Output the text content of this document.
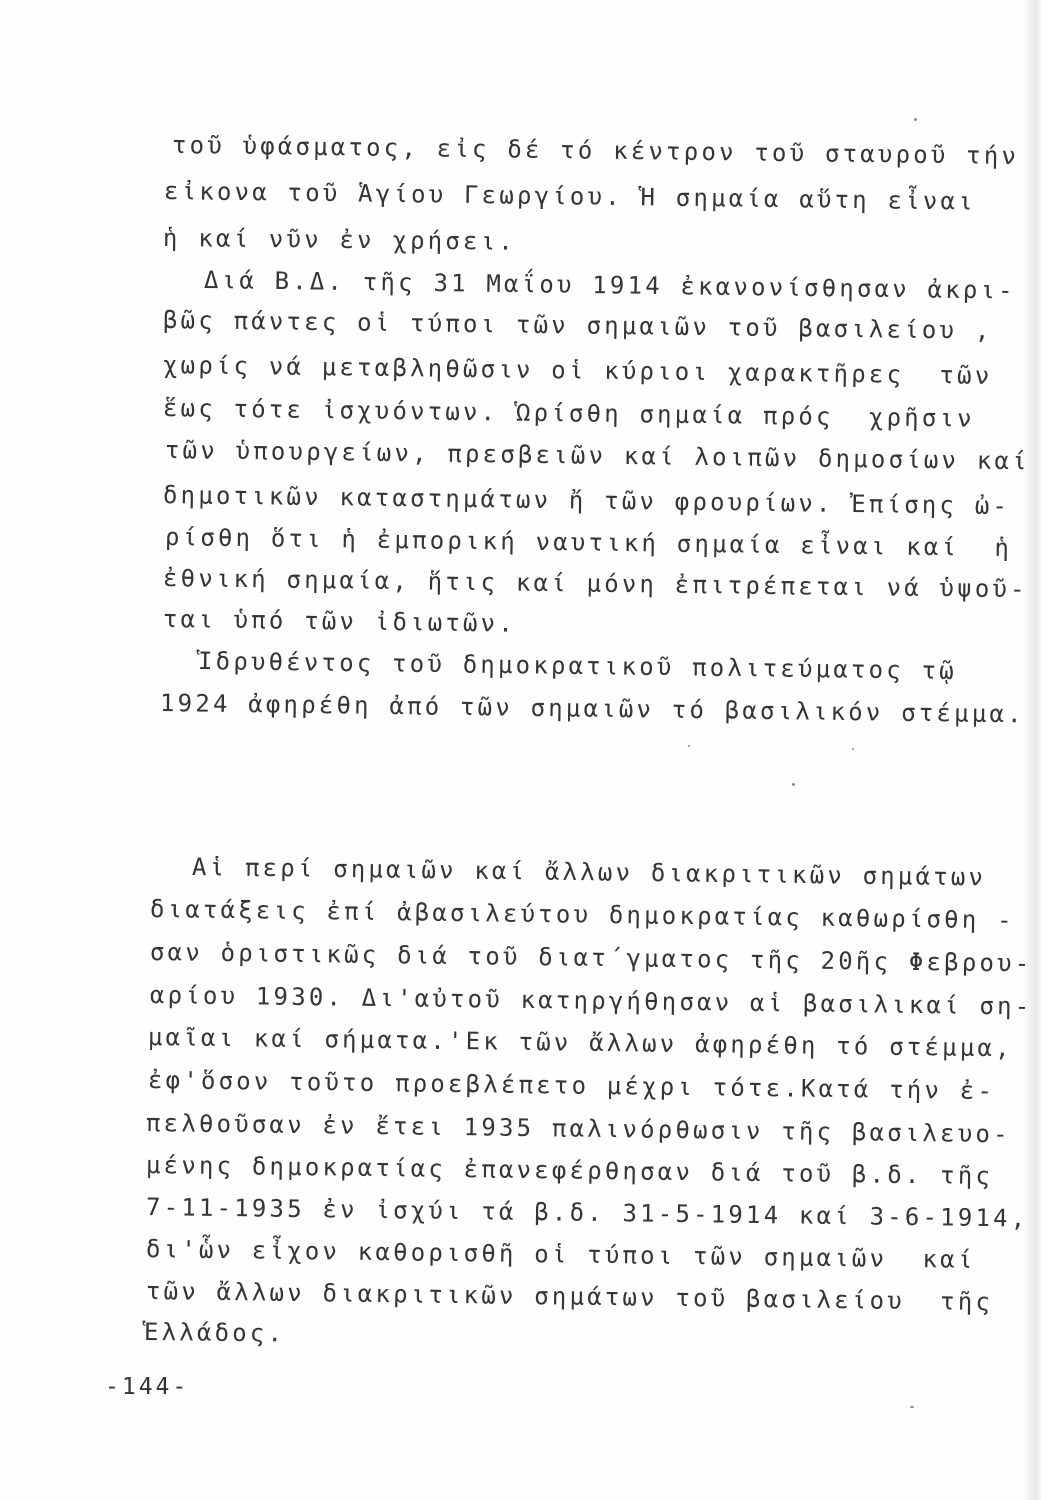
τοῦ ὑφάσματος, εἰς δέ τό κέντρον τοῦ σταυροῦ τήν
εἰκονα τοῦ Ἁγίου Γεωργίου. Ἡ σημαία αὕτη εἶναι
ἡ καί νῦν ἐν χρήσει.
Διά Β.Δ. τῆς 31 Μαΐου 1914 ἐκανονίσθησαν ἀκρι-
βῶς πάντες οἱ τύποι τῶν σημαιῶν τοῦ βασιλείου ,
χωρίς νά μεταβληθῶσιν οἱ κύριοι χαρακτῆρες  τῶν
ἕως τότε ἰσχυόντων. Ὡρίσθη σημαία πρός  χρῆσιν
τῶν ὑπουργείων, πρεσβειῶν καί λοιπῶν δημοσίων καί
δημοτικῶν καταστημάτων ἤ τῶν φρουρίων. Ἐπίσης ὠ-
ρίσθη ὅτι ἡ ἐμπορική ναυτική σημαία εἶναι καί  ἡ
ἐθνική σημαία, ἥτις καί μόνη ἐπιτρέπεται νά ὑψοῦ-
ται ὑπό τῶν ἰδιωτῶν.
Ἱδρυθέντος τοῦ δημοκρατικοῦ πολιτεύματος τῷ
1924 ἀφηρέθη ἀπό τῶν σημαιῶν τό βασιλικόν στέμμα.
Αἱ περί σημαιῶν καί ἄλλων διακριτικῶν σημάτων
διατάξεις ἐπί ἀβασιλεύτου δημοκρατίας καθωρίσθη -
σαν ὁριστικῶς διά τοῦ διατ΄γματος τῆς 20ῆς Φεβρου-
αρίου 1930. Δι'αὐτοῦ κατηργήθησαν αἱ βασιλικαί ση-
μαῖαι καί σήματα.'Εκ τῶν ἄλλων ἀφηρέθη τό στέμμα,
ἐφ'ὅσον τοῦτο προεβλέπετο μέχρι τότε.Κατά τήν ἐ-
πελθοῦσαν ἐν ἔτει 1935 παλινόρθωσιν τῆς βασιλευο-
μένης δημοκρατίας ἐπανεφέρθησαν διά τοῦ β.δ. τῆς
7-11-1935 ἐν ἰσχύι τά β.δ. 31-5-1914 καί 3-6-1914,
δι'ὧν εἶχον καθορισθῆ οἱ τύποι τῶν σημαιῶν  καί
τῶν ἄλλων διακριτικῶν σημάτων τοῦ βασιλείου  τῆς
Ἑλλάδος.
-144-
